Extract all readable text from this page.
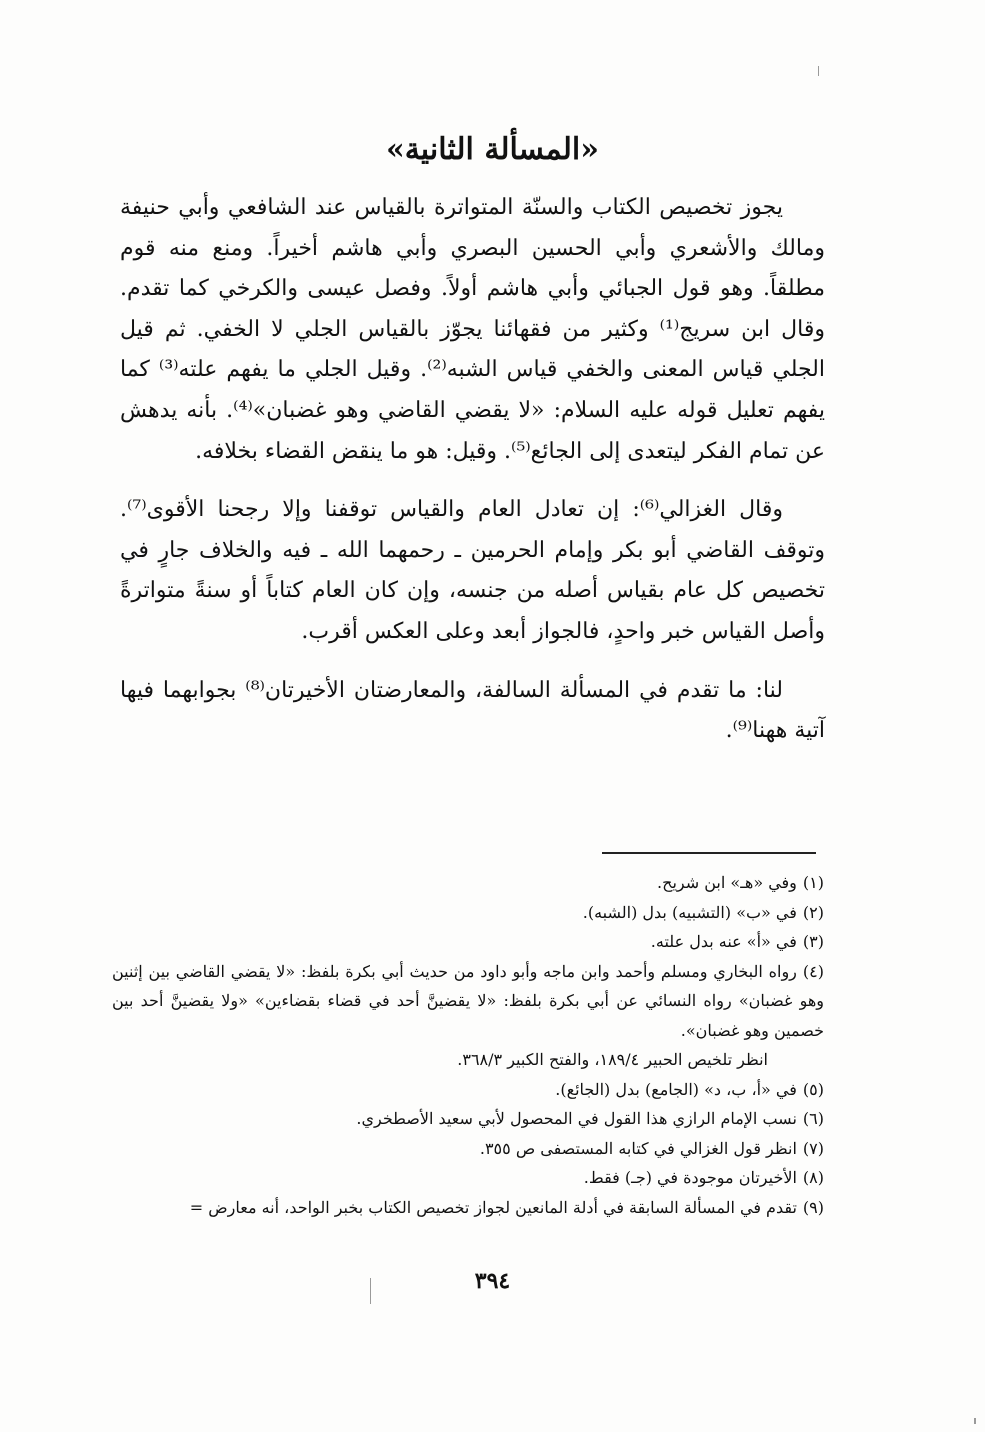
«المسألة الثانية»

يجوز تخصيص الكتاب والسنّة المتواترة بالقياس عند الشافعي وأبي حنيفة ومالك والأشعري وأبي الحسين البصري وأبي هاشم أخيراً. ومنع منه قوم مطلقاً. وهو قول الجبائي وأبي هاشم أولاً. وفصل عيسى والكرخي كما تقدم. وقال ابن سريج⁽¹⁾ وكثير من فقهائنا يجوّز بالقياس الجلي لا الخفي. ثم قيل الجلي قياس المعنى والخفي قياس الشبه⁽²⁾. وقيل الجلي ما يفهم علته⁽³⁾ كما يفهم تعليل قوله عليه السلام: «لا يقضي القاضي وهو غضبان»⁽⁴⁾. بأنه يدهش عن تمام الفكر ليتعدى إلى الجائع⁽⁵⁾. وقيل: هو ما ينقض القضاء بخلافه.

وقال الغزالي⁽⁶⁾: إن تعادل العام والقياس توقفنا وإلا رجحنا الأقوى⁽⁷⁾. وتوقف القاضي أبو بكر وإمام الحرمين ـ رحمهما الله ـ فيه والخلاف جارٍ في تخصيص كل عام بقياس أصله من جنسه، وإن كان العام كتاباً أو سنةً متواترةً وأصل القياس خبر واحدٍ، فالجواز أبعد وعلى العكس أقرب.

لنا: ما تقدم في المسألة السالفة، والمعارضتان الأخيرتان⁽⁸⁾ بجوابهما فيها آتية ههنا⁽⁹⁾.

(١)وفي «هـ» ابن شريح.
(٢)في «ب» (التشبيه) بدل (الشبه).
(٣)في «أ» عنه بدل علته.
(٤)رواه البخاري ومسلم وأحمد وابن ماجه وأبو داود من حديث أبي بكرة بلفظ: «لا يقضي القاضي بين إثنين وهو غضبان» رواه النسائي عن أبي بكرة بلفظ: «لا يقضينَّ أحد في قضاء بقضاءين» «ولا يقضينَّ أحد بين خصمين وهو غضبان».
انظر تلخيص الحبير ١٨٩/٤، والفتح الكبير ٣٦٨/٣.
(٥)في «أ، ب، د» (الجامع) بدل (الجائع).
(٦)نسب الإمام الرازي هذا القول في المحصول لأبي سعيد الأصطخري.
(٧)انظر قول الغزالي في كتابه المستصفى ص ٣٥٥.
(٨)الأخيرتان موجودة في (جـ) فقط.
(٩)تقدم في المسألة السابقة في أدلة المانعين لجواز تخصيص الكتاب بخبر الواحد، أنه معارض =
٣٩٤
